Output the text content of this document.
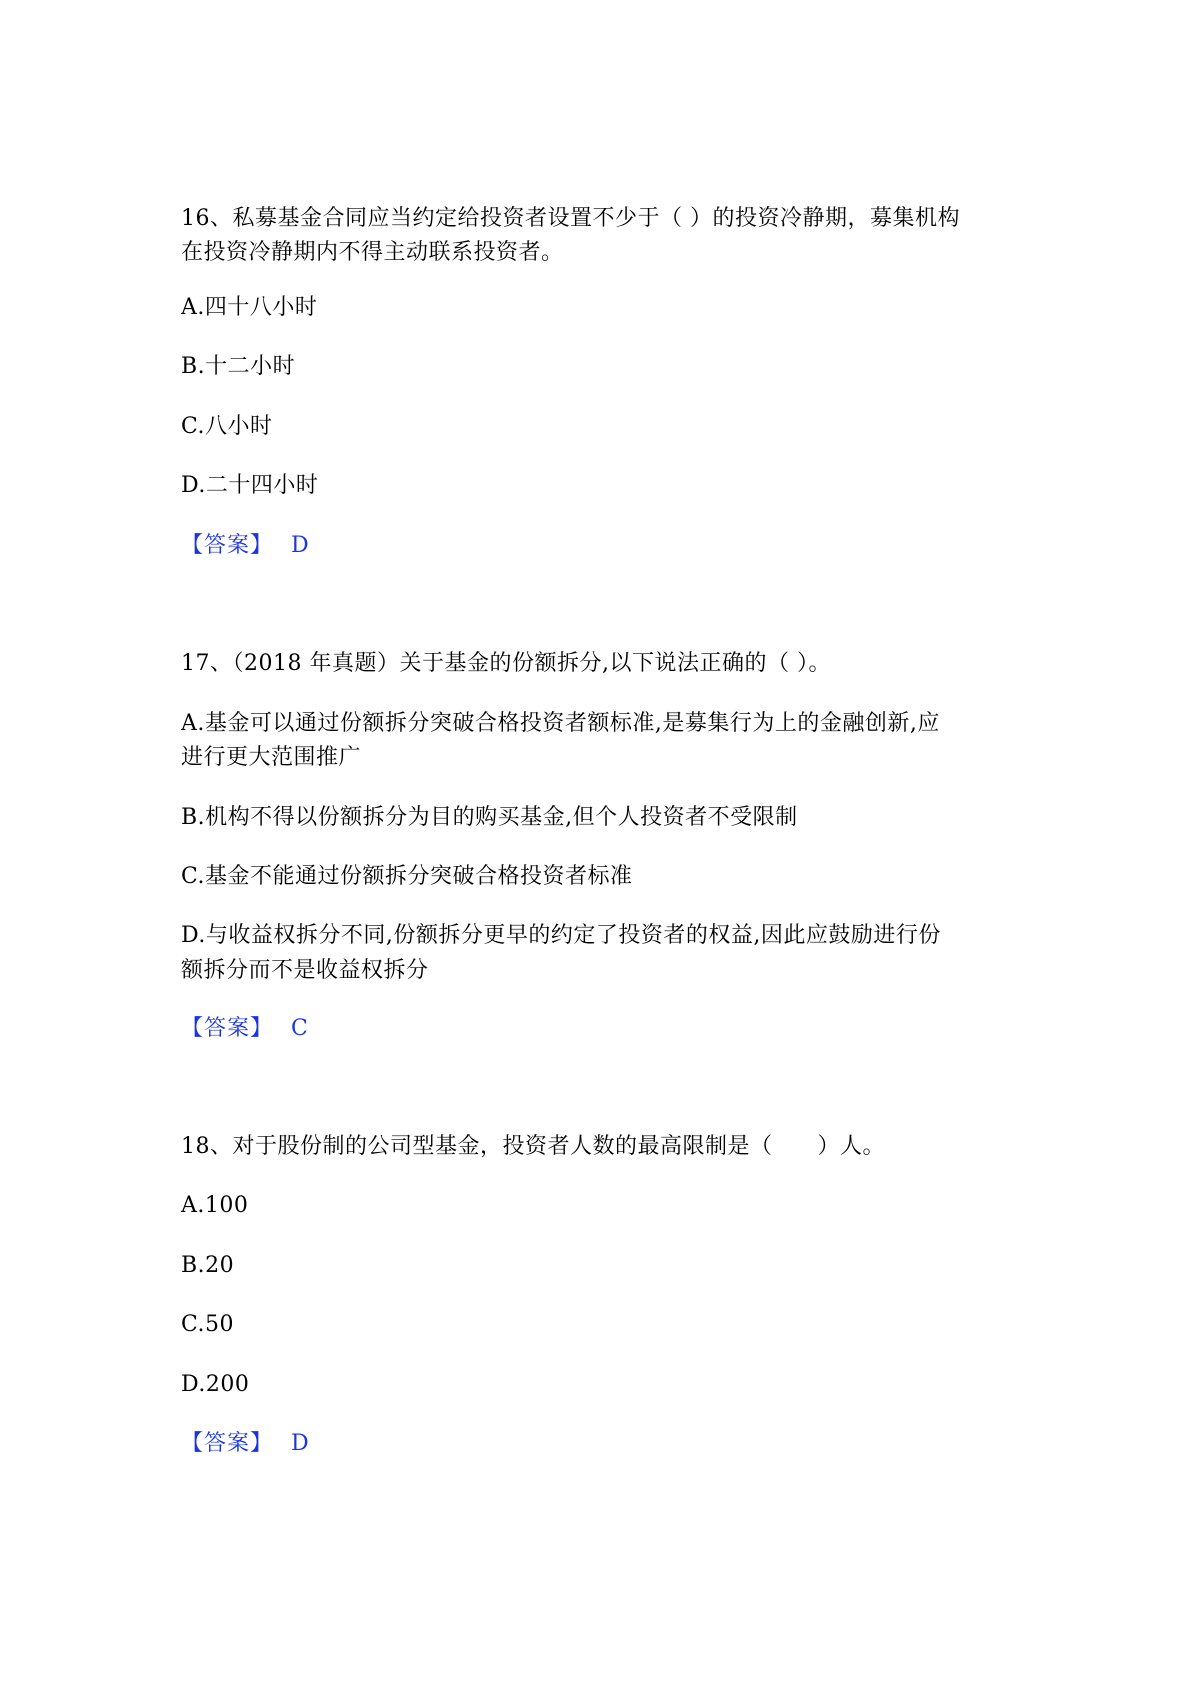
16、私募基金合同应当约定给投资者设置不少于（ ）的投资冷静期，募集机构
在投资冷静期内不得主动联系投资者。
A.四十八小时
B.十二小时
C.八小时
D.二十四小时
【答案】 D
17、（2018 年真题）关于基金的份额拆分,以下说法正确的（ ）。
A.基金可以通过份额拆分突破合格投资者额标准,是募集行为上的金融创新,应
进行更大范围推广
B.机构不得以份额拆分为目的购买基金,但个人投资者不受限制
C.基金不能通过份额拆分突破合格投资者标准
D.与收益权拆分不同,份额拆分更早的约定了投资者的权益,因此应鼓励进行份
额拆分而不是收益权拆分
【答案】 C
18、对于股份制的公司型基金，投资者人数的最高限制是（　　）人。
A.100
B.20
C.50
D.200
【答案】 D
